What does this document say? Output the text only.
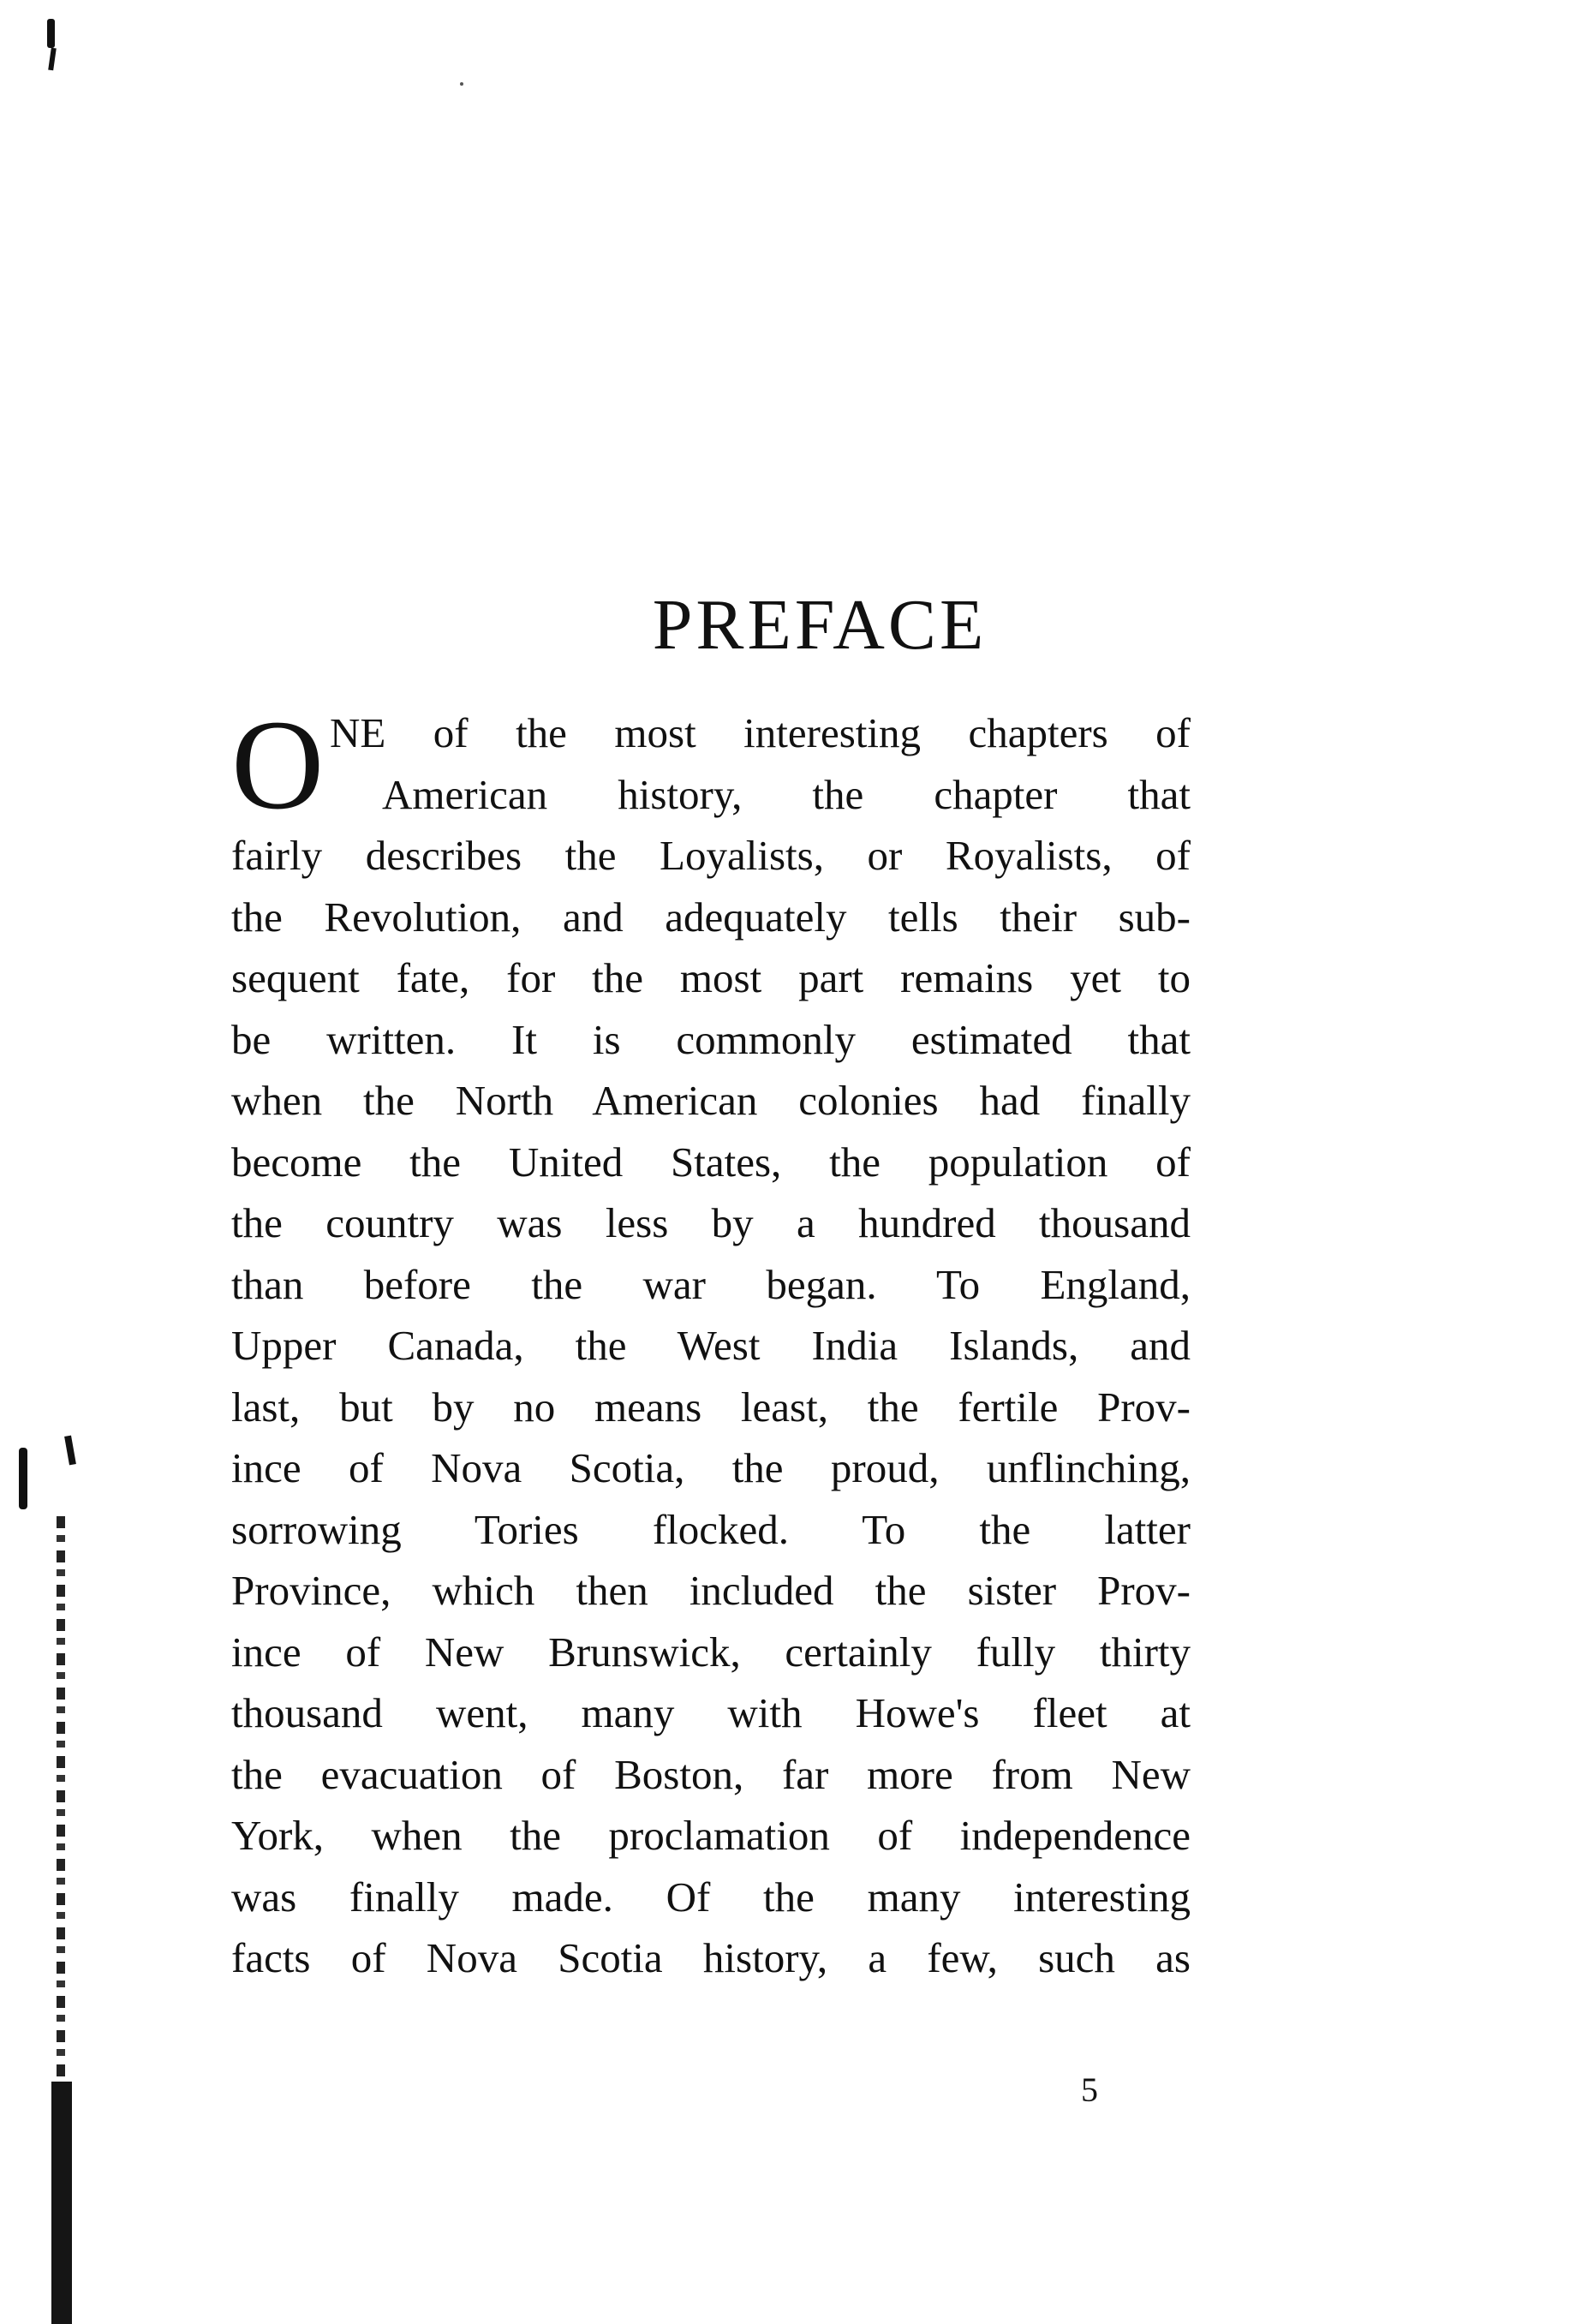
PREFACE
O NE of the most interesting chapters of
American history, the chapter that
fairly describes the Loyalists, or Royalists, of
the Revolution, and adequately tells their sub-
sequent fate, for the most part remains yet to
be written. It is commonly estimated that
when the North American colonies had finally
become the United States, the population of
the country was less by a hundred thousand
than before the war began. To England,
Upper Canada, the West India Islands, and
last, but by no means least, the fertile Prov-
ince of Nova Scotia, the proud, unflinching,
sorrowing Tories flocked. To the latter
Province, which then included the sister Prov-
ince of New Brunswick, certainly fully thirty
thousand went, many with Howe's fleet at
the evacuation of Boston, far more from New
York, when the proclamation of independence
was finally made. Of the many interesting
facts of Nova Scotia history, a few, such as
5
